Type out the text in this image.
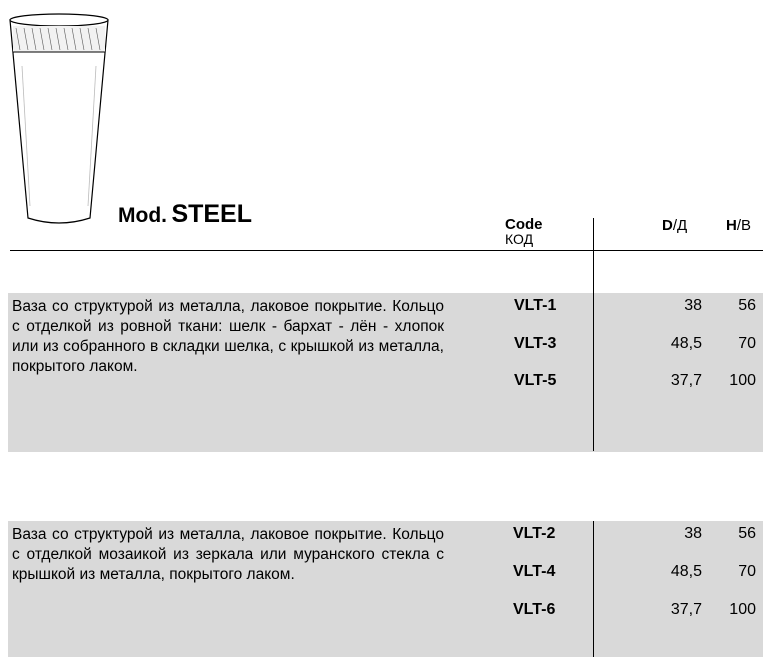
Mod. STEEL	Code
КОД
D/Д	H/B
Ваза со структурой из металла, лаковое покрытие. Кольцо с отделкой из ровной ткани: шелк - бархат - лён - хлопок или из собранного в складки шелка, с крышкой из металла, покрытого лаком.
VLT-1
VLT-3
VLT-5
38
48,5
37,7
56
70
100
Ваза со структурой из металла, лаковое покрытие. Кольцо с отделкой мозаикой из зеркала или муранского стекла с крышкой из металла, покрытого лаком.
VLT-2
VLT-4
VLT-6
38
48,5
37,7
56
70
100
